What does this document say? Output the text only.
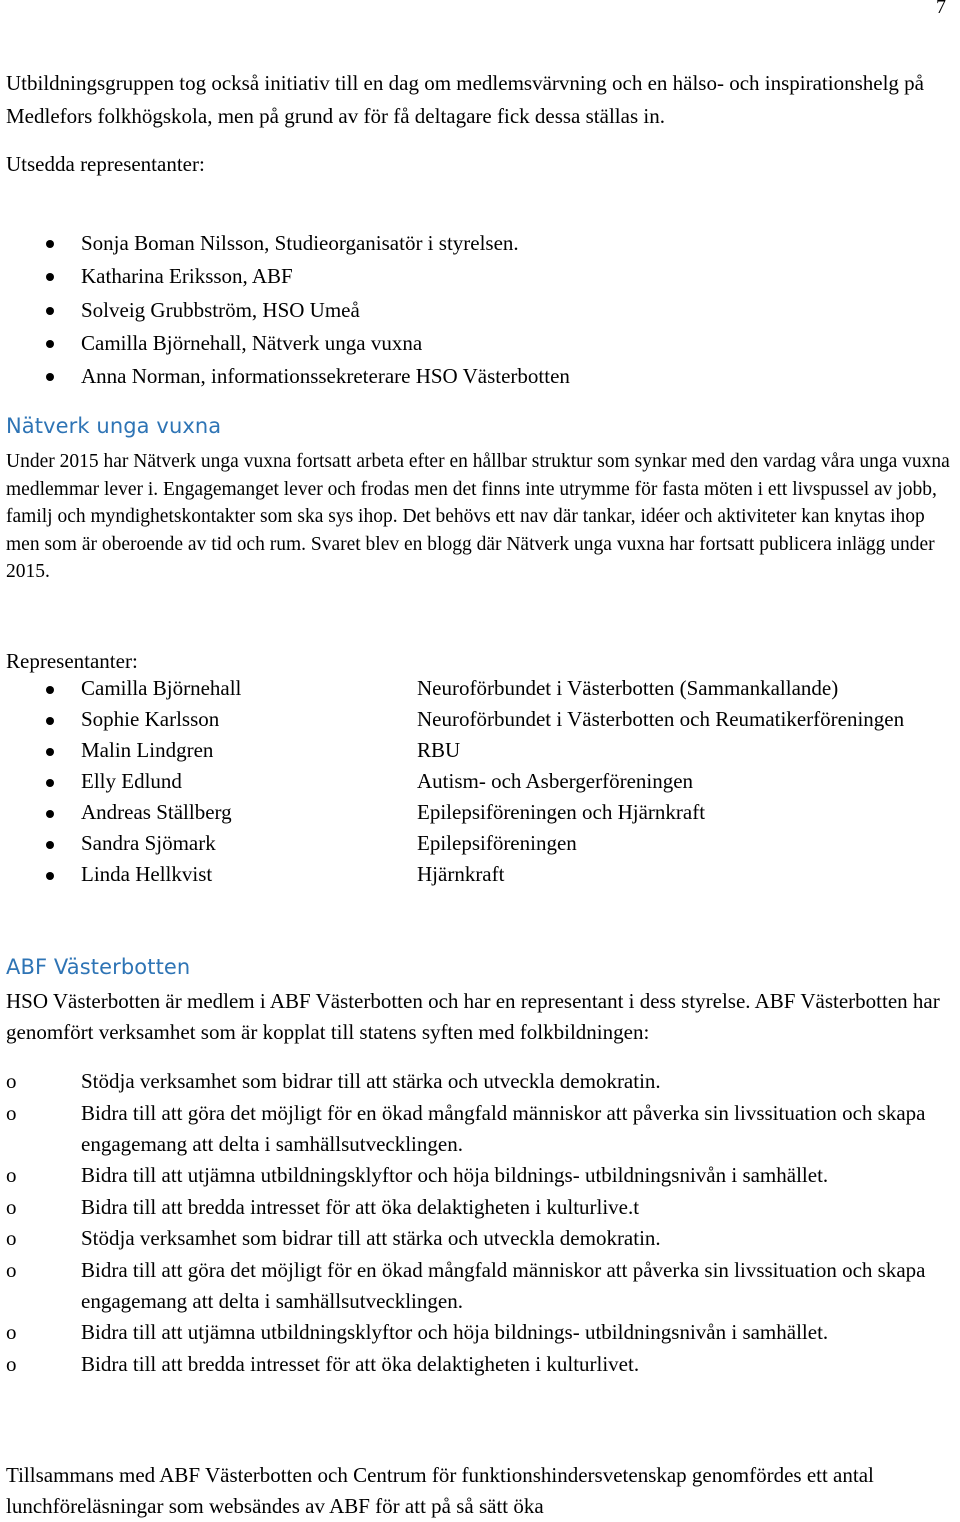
7

Utbildningsgruppen tog också initiativ till en dag om medlemsvärvning och en hälso- och inspirationshelg på Medlefors folkhögskola, men på grund av för få deltagare fick dessa ställas in.

Utsedda representanter:
Sonja Boman Nilsson, Studieorganisatör i styrelsen.
Katharina Eriksson, ABF
Solveig Grubbström, HSO Umeå
Camilla Björnehall, Nätverk unga vuxna
Anna Norman, informationssekreterare HSO Västerbotten
Nätverk unga vuxna

Under 2015 har Nätverk unga vuxna fortsatt arbeta efter en hållbar struktur som synkar med den vardag våra unga vuxna medlemmar lever i. Engagemanget lever och frodas men det finns inte utrymme för fasta möten i ett livspussel av jobb, familj och myndighetskontakter som ska sys ihop. Det behövs ett nav där tankar, idéer och aktiviteter kan knytas ihop men som är oberoende av tid och rum. Svaret blev en blogg där Nätverk unga vuxna har fortsatt publicera inlägg under 2015.

Representanter:
	Camilla Björnehall	Neuroförbundet i Västerbotten (Sammankallande)

	Sophie Karlsson	Neuroförbundet i Västerbotten och Reumatikerföreningen

	Malin Lindgren	RBU

	Elly Edlund	Autism- och Asbergerföreningen

	Andreas Ställberg	Epilepsiföreningen och Hjärnkraft

	Sandra Sjömark	Epilepsiföreningen

	Linda Hellkvist	Hjärnkraft
ABF Västerbotten

HSO Västerbotten är medlem i ABF Västerbotten och har en representant i dess styrelse. ABF Västerbotten har genomfört verksamhet som är kopplat till statens syften med folkbildningen:

o	Stödja verksamhet som bidrar till att stärka och utveckla demokratin.
o	Bidra till att göra det möjligt för en ökad mångfald människor att påverka sin livssituation och skapa engagemang att delta i samhällsutvecklingen.
o	Bidra till att utjämna utbildningsklyftor och höja bildnings- utbildningsnivån i samhället.
o	Bidra till att bredda intresset för att öka delaktigheten i kulturlive.t
o	Stödja verksamhet som bidrar till att stärka och utveckla demokratin.
o	Bidra till att göra det möjligt för en ökad mångfald människor att påverka sin livssituation och skapa engagemang att delta i samhällsutvecklingen.
o	Bidra till att utjämna utbildningsklyftor och höja bildnings- utbildningsnivån i samhället.
o	Bidra till att bredda intresset för att öka delaktigheten i kulturlivet.

Tillsammans med ABF Västerbotten och Centrum för funktionshindersvetenskap genomfördes ett antal lunchföreläsningar som websändes av ABF för att på så sätt öka
